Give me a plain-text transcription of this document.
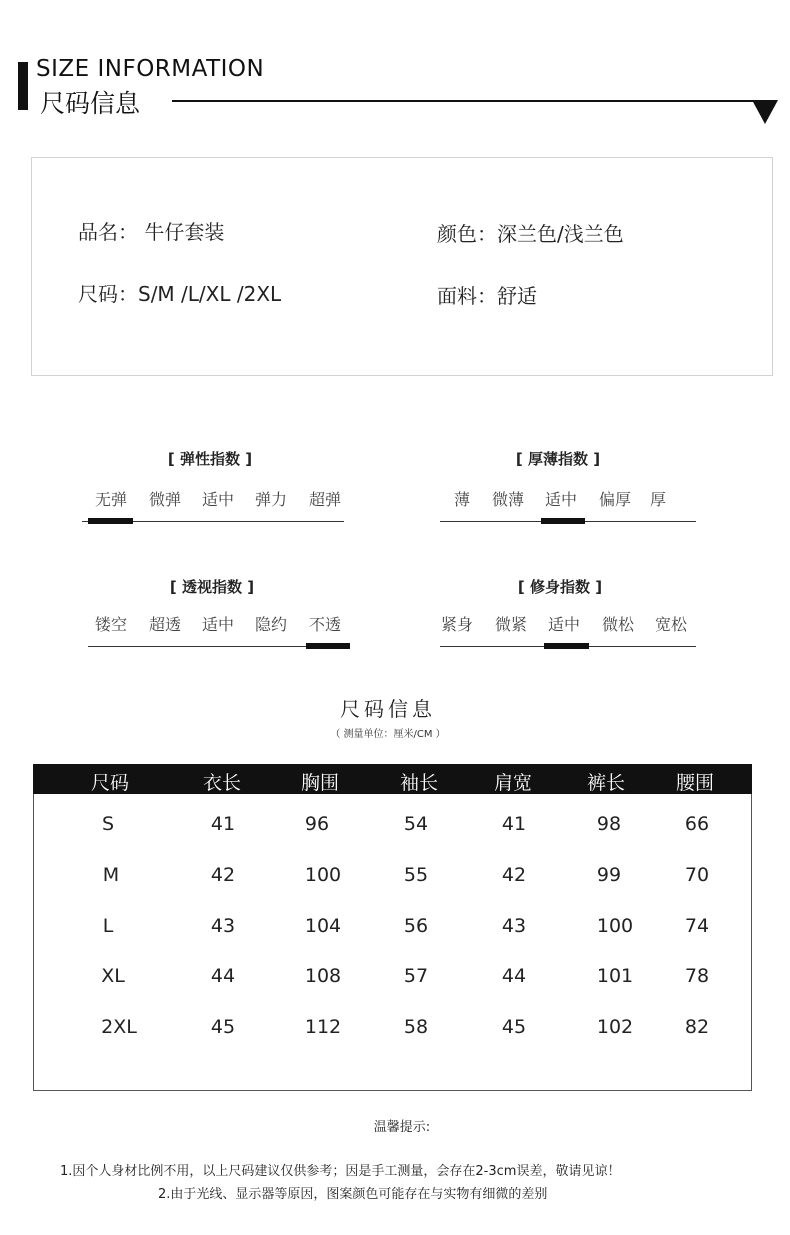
SIZE INFORMATION
尺码信息
品名： 牛仔套装	颜色：深兰色/浅兰色
尺码：S/M /L/XL /2XL	面料：舒适
[ 弹性指数 ]
无弹	微弹	适中	弹力	超弹
[ 厚薄指数 ]
薄	微薄	适中	偏厚	厚
[ 透视指数 ]
镂空	超透	适中	隐约	不透
[ 修身指数 ]
紧身	微紧	适中	微松	宽松
尺码信息
（ 测量单位：厘米/CM ）
尺码	衣长	胸围	袖长	肩宽	裤长	腰围
S	41	96	54	41	98	66
M	42	100	55	42	99	70
L	43	104	56	43	100	74
XL	44	108	57	44	101	78
2XL	45	112	58	45	102	82
温馨提示:
1.因个人身材比例不用，以上尺码建议仅供参考；因是手工测量，会存在2-3cm误差，敬请见谅！
2.由于光线、显示器等原因，图案颜色可能存在与实物有细微的差别
